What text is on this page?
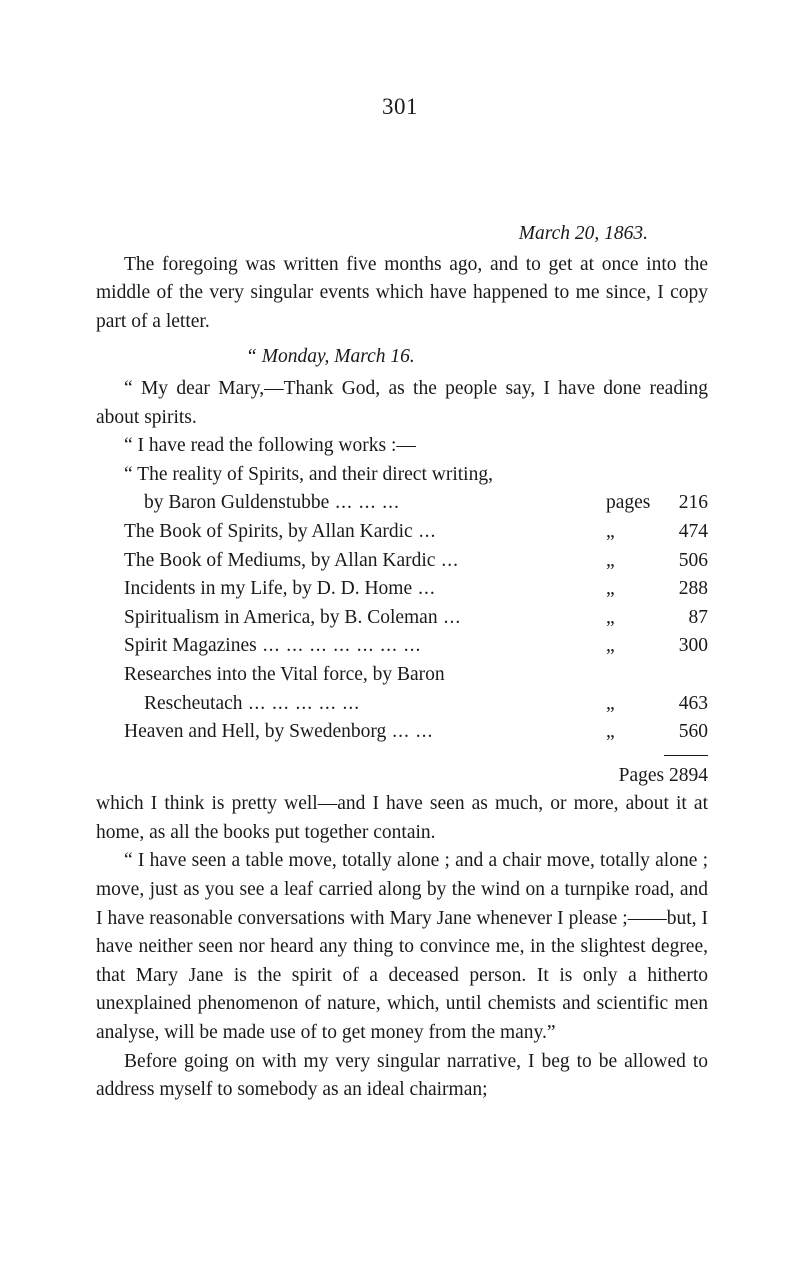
301
March 20, 1863.

The foregoing was written five months ago, and to get at once into the middle of the very singular events which have happened to me since, I copy part of a letter.

“ Monday, March 16.

“ My dear Mary,—Thank God, as the people say, I have done reading about spirits.

“ I have read the following works :—

“ The reality of Spirits, and their direct writing,
by Baron Guldenstubbe ... ... ...	pages	216
The Book of Spirits, by Allan Kardic ...	„	474
The Book of Mediums, by Allan Kardic ...	„	506
Incidents in my Life, by D. D. Home ...	„	288
Spiritualism in America, by B. Coleman ...	„	87
Spirit Magazines ... ... ... ... ... ... ...	„	300
Researches into the Vital force, by Baron
Rescheutach ... ... ... ... ...	„	463
Heaven and Hell, by Swedenborg ... ...	„	560
Pages 2894

which I think is pretty well—and I have seen as much, or more, about it at home, as all the books put together contain.

“ I have seen a table move, totally alone ; and a chair move, totally alone ; move, just as you see a leaf carried along by the wind on a turnpike road, and I have reasonable conversations with Mary Jane whenever I please ;——but, I have neither seen nor heard any thing to convince me, in the slightest degree, that Mary Jane is the spirit of a deceased person. It is only a hitherto unexplained phenomenon of nature, which, until chemists and scientific men analyse, will be made use of to get money from the many.”

Before going on with my very singular narrative, I beg to be allowed to address myself to somebody as an ideal chairman;
